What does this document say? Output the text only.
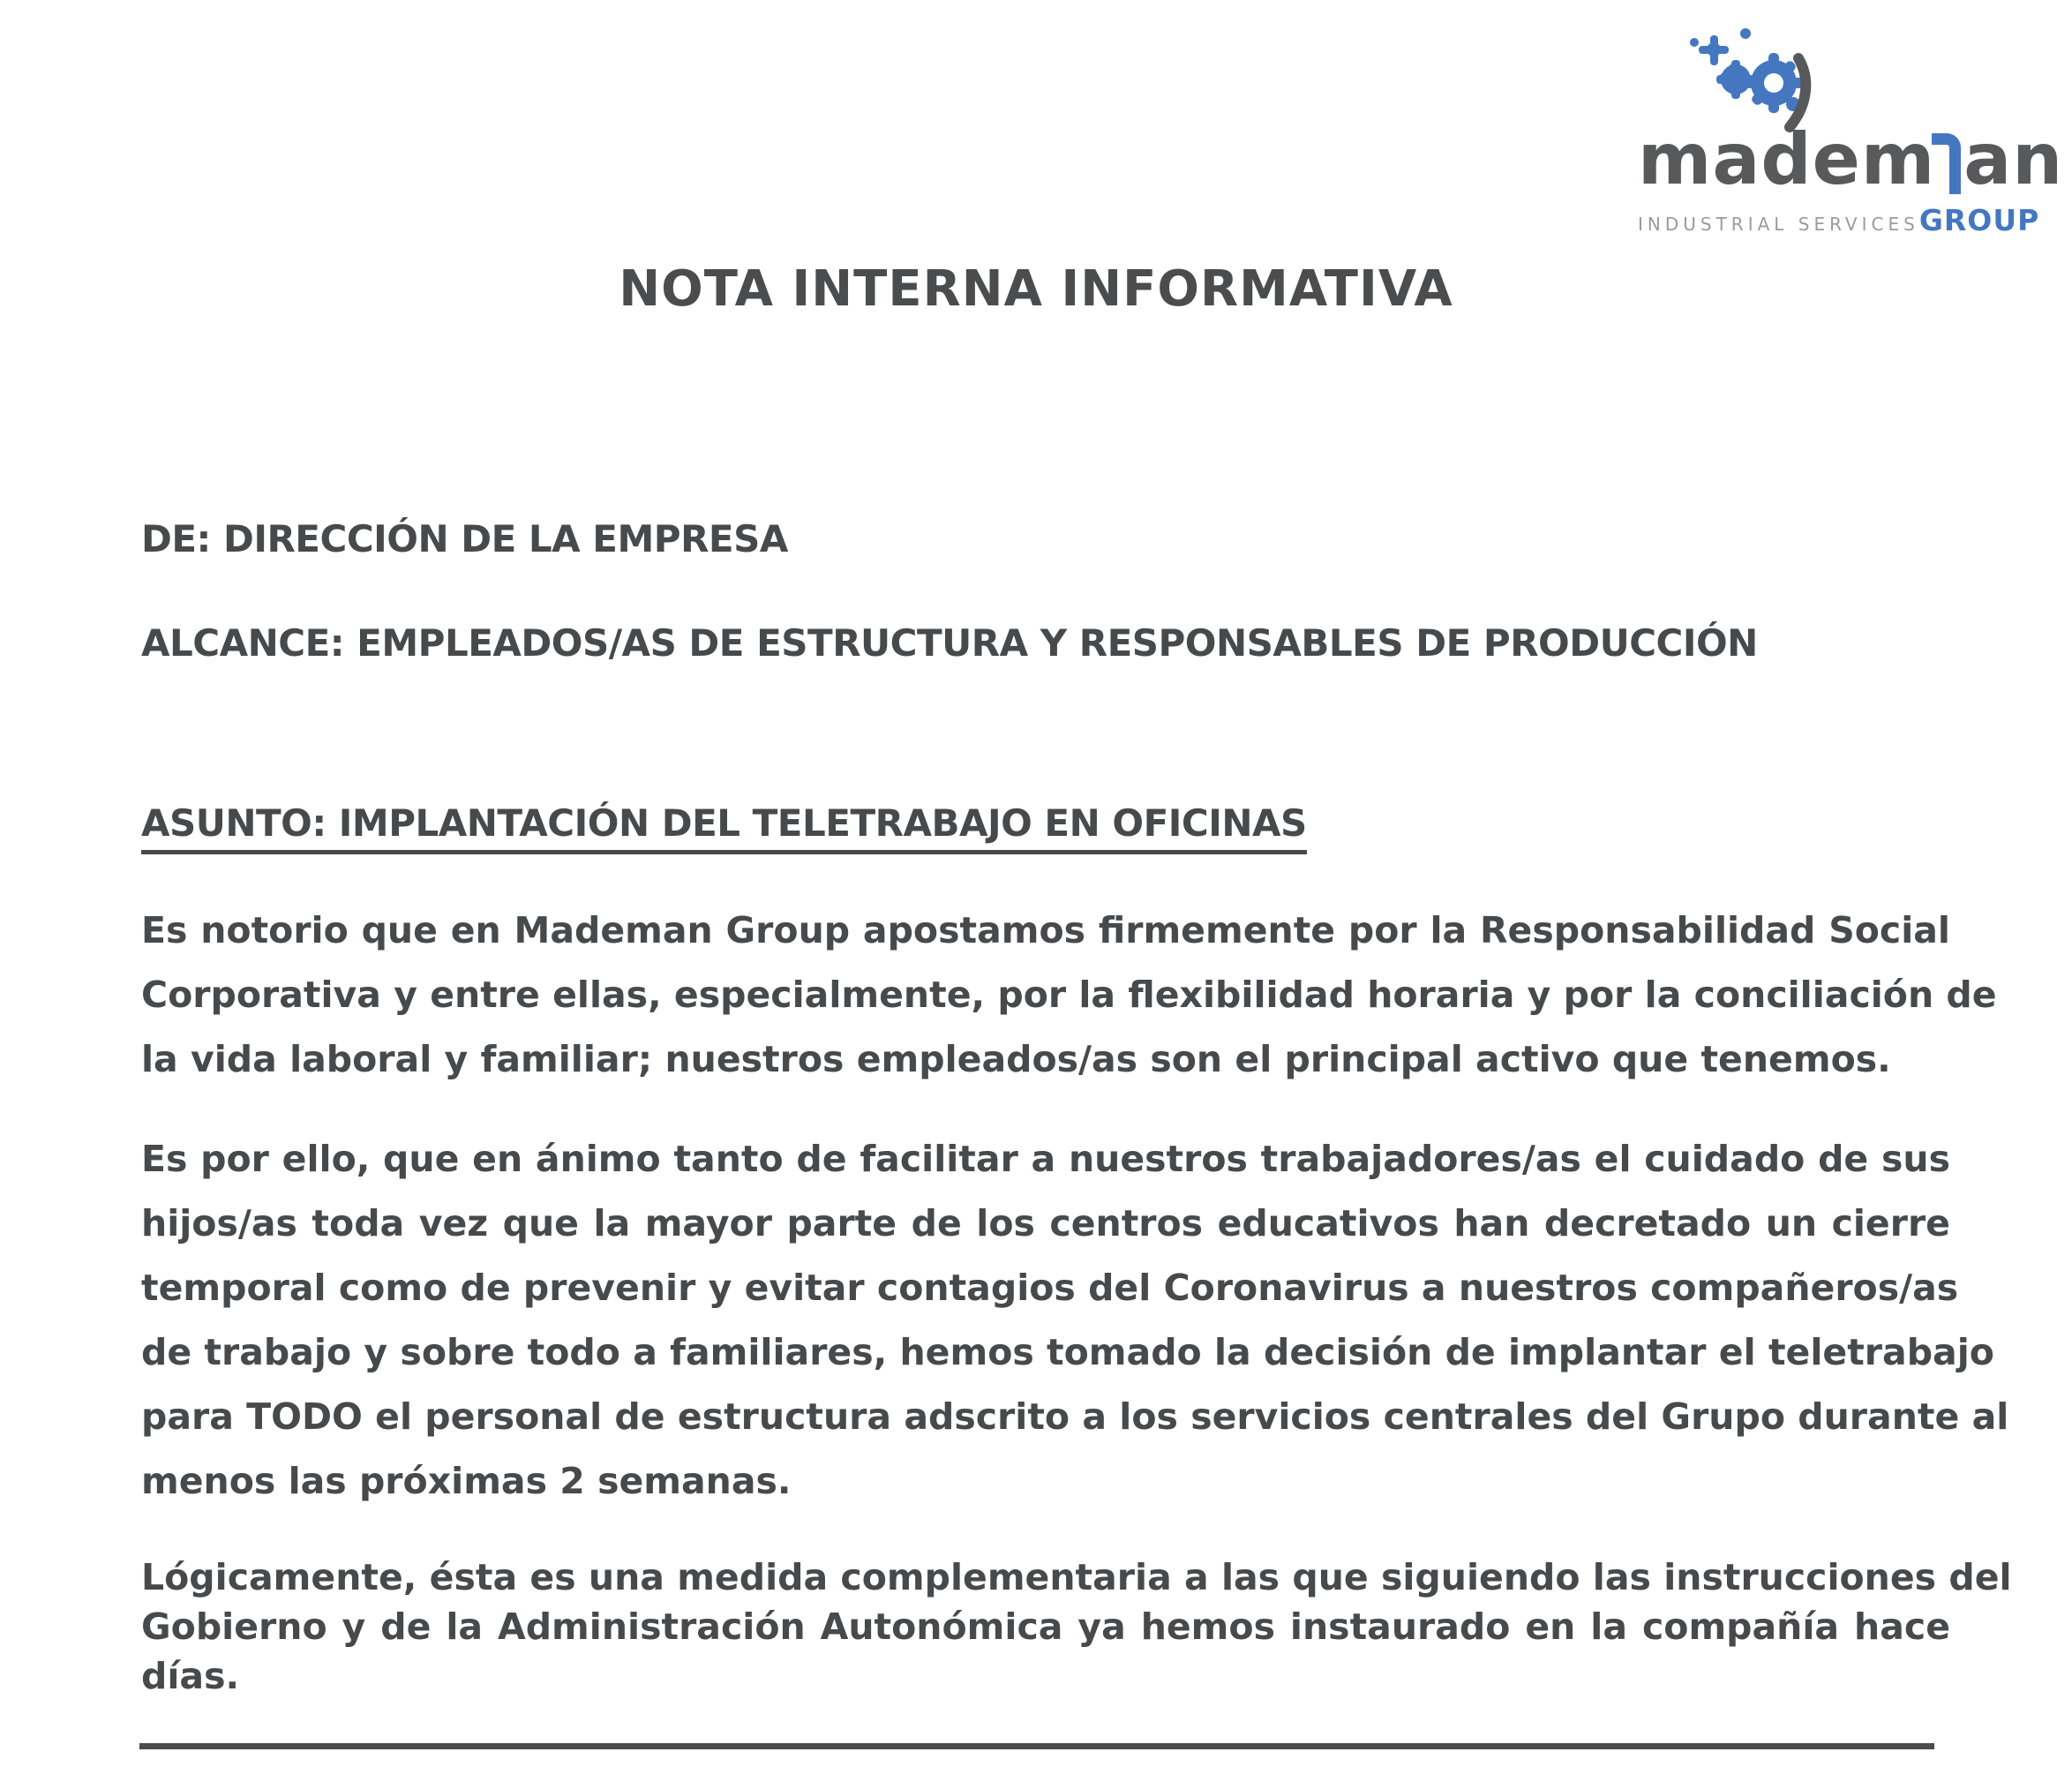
madem an
INDUSTRIAL SERVICES GROUP
NOTA INTERNA INFORMATIVA
DE: DIRECCIÓN DE LA EMPRESA
ALCANCE: EMPLEADOS/AS DE ESTRUCTURA Y RESPONSABLES DE PRODUCCIÓN
ASUNTO: IMPLANTACIÓN DEL TELETRABAJO EN OFICINAS
Es notorio que en Mademan Group apostamos firmemente por la Responsabilidad Social
Corporativa y entre ellas, especialmente, por la flexibilidad horaria y por la conciliación de
la vida laboral y familiar; nuestros empleados/as son el principal activo que tenemos.
Es por ello, que en ánimo tanto de facilitar a nuestros trabajadores/as el cuidado de sus
hijos/as toda vez que la mayor parte de los centros educativos han decretado un cierre
temporal como de prevenir y evitar contagios del Coronavirus a nuestros compañeros/as
de trabajo y sobre todo a familiares, hemos tomado la decisión de implantar el teletrabajo
para TODO el personal de estructura adscrito a los servicios centrales del Grupo durante al
menos las próximas 2 semanas.
Lógicamente, ésta es una medida complementaria a las que siguiendo las instrucciones del
Gobierno y de la Administración Autonómica ya hemos instaurado en la compañía hace días.
